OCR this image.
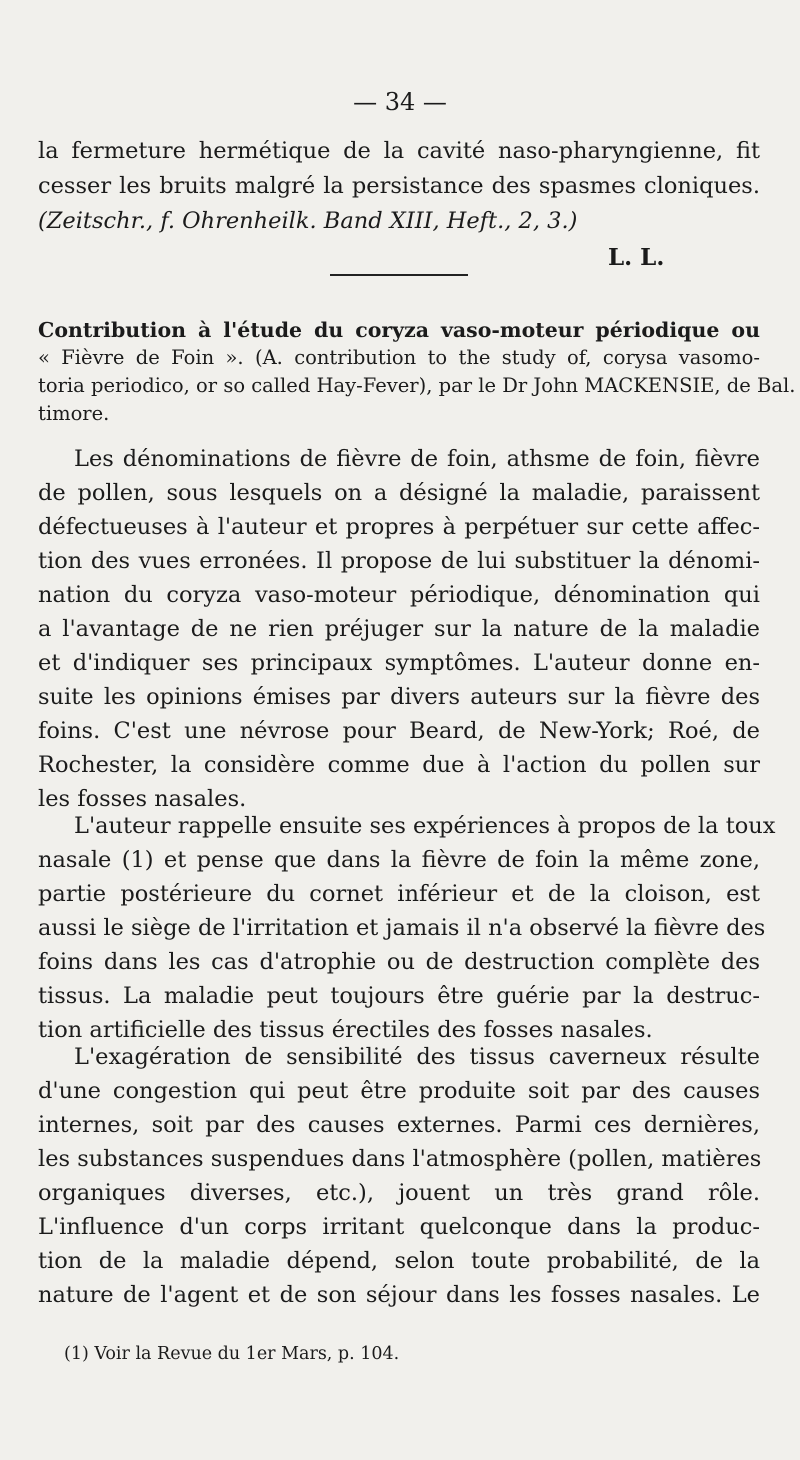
— 34 —
la fermeture hermétique de la cavité naso-pharyngienne, fit
cesser les bruits malgré la persistance des spasmes cloniques.
(Zeitschr., f. Ohrenheilk. Band XIII, Heft., 2, 3.)
L. L.
Contribution à l'étude du coryza vaso-moteur périodique ou
« Fièvre de Foin ». (A. contribution to the study of, corysa vasomo-
toria periodico, or so called Hay-Fever), par le Dr John MACKENSIE, de Bal.
timore.
Les dénominations de fièvre de foin, athsme de foin, fièvre
de pollen, sous lesquels on a désigné la maladie, paraissent
défectueuses à l'auteur et propres à perpétuer sur cette affec-
tion des vues erronées. Il propose de lui substituer la dénomi-
nation du coryza vaso-moteur périodique, dénomination qui
a l'avantage de ne rien préjuger sur la nature de la maladie
et d'indiquer ses principaux symptômes. L'auteur donne en-
suite les opinions émises par divers auteurs sur la fièvre des
foins. C'est une névrose pour Beard, de New-York; Roé, de
Rochester, la considère comme due à l'action du pollen sur
les fosses nasales.
L'auteur rappelle ensuite ses expériences à propos de la toux
nasale (1) et pense que dans la fièvre de foin la même zone,
partie postérieure du cornet inférieur et de la cloison, est
aussi le siège de l'irritation et jamais il n'a observé la fièvre des
foins dans les cas d'atrophie ou de destruction complète des
tissus. La maladie peut toujours être guérie par la destruc-
tion artificielle des tissus érectiles des fosses nasales.
L'exagération de sensibilité des tissus caverneux résulte
d'une congestion qui peut être produite soit par des causes
internes, soit par des causes externes. Parmi ces dernières,
les substances suspendues dans l'atmosphère (pollen, matières
organiques diverses, etc.), jouent un très grand rôle.
L'influence d'un corps irritant quelconque dans la produc-
tion de la maladie dépend, selon toute probabilité, de la
nature de l'agent et de son séjour dans les fosses nasales. Le
(1) Voir la Revue du 1er Mars, p. 104.
